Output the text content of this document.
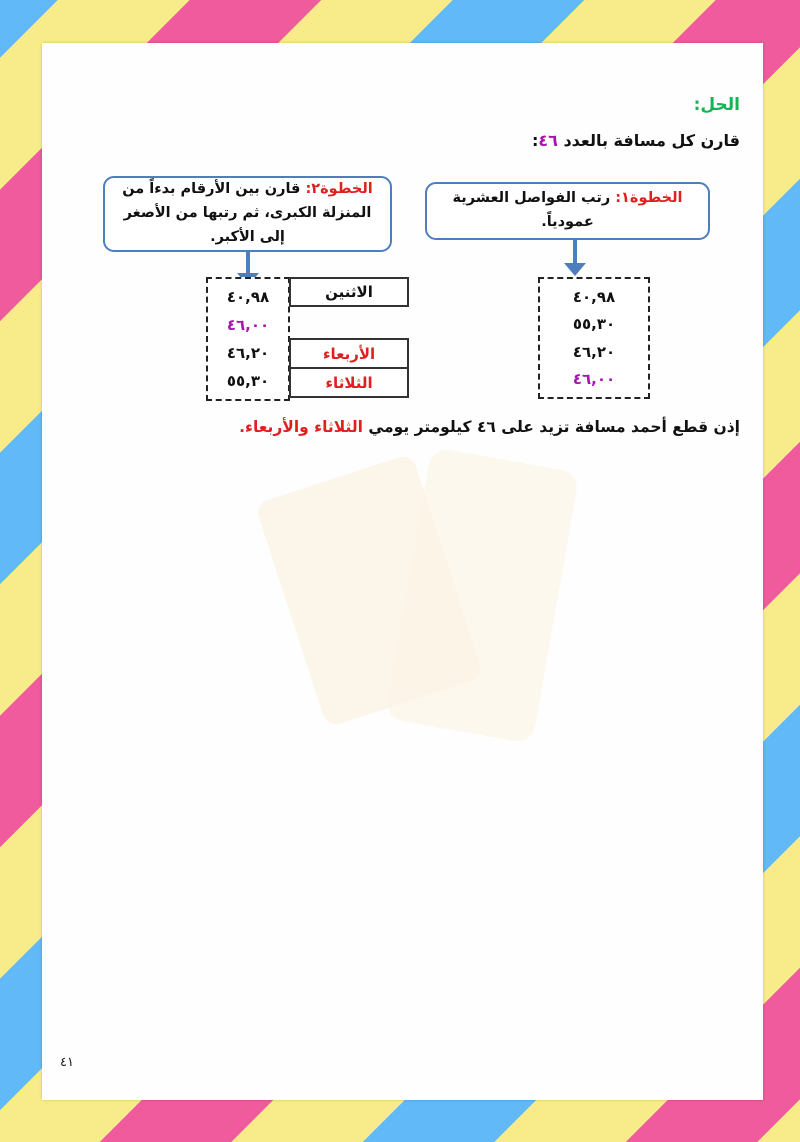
الحل:
قارن كل مسافة بالعدد ٤٦:
الخطوة١: رتب الفواصل العشرية عمودياً.
الخطوة٢: قارن بين الأرقام بدءاً من المنزلة الكبرى، ثم رتبها من الأصغر إلى الأكبر.
٤٠,٩٨
٥٥,٣٠
٤٦,٢٠
٤٦,٠٠
٤٠,٩٨
٤٦,٠٠
٤٦,٢٠
٥٥,٣٠
الاثنين
الأربعاء
الثلاثاء
إذن قطع أحمد مسافة تزيد على ٤٦ كيلومتر يومي الثلاثاء والأربعاء.
٤١
